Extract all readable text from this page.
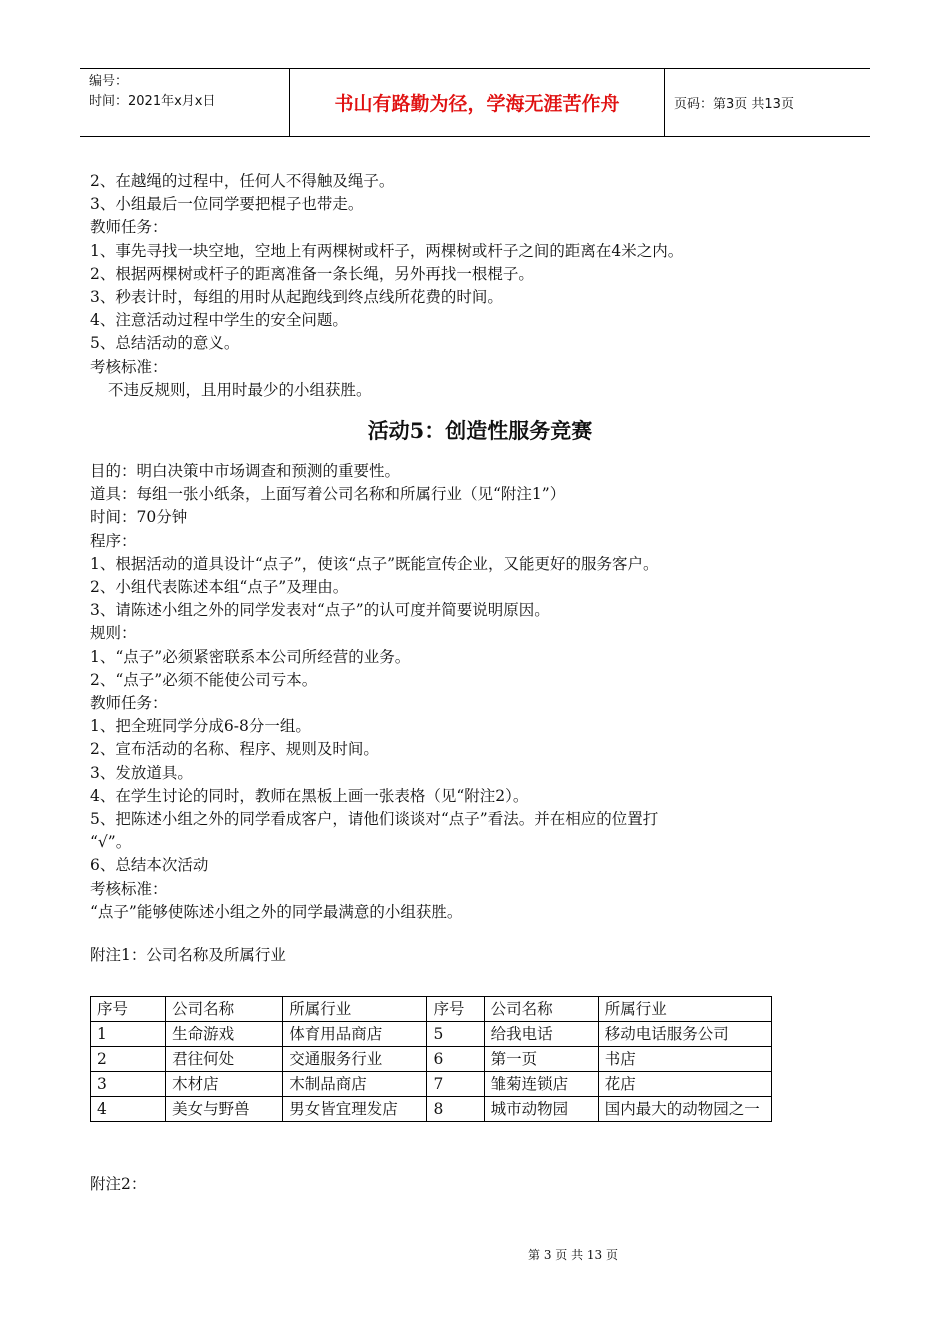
编号：
时间：2021年x月x日	书山有路勤为径，学海无涯苦作舟	页码：第3页 共13页
2、在越绳的过程中，任何人不得触及绳子。
3、小组最后一位同学要把棍子也带走。
教师任务：
1、事先寻找一块空地，空地上有两棵树或杆子，两棵树或杆子之间的距离在4米之内。
2、根据两棵树或杆子的距离准备一条长绳，另外再找一根棍子。
3、秒表计时，每组的用时从起跑线到终点线所花费的时间。
4、注意活动过程中学生的安全问题。
5、总结活动的意义。
考核标准：
不违反规则，且用时最少的小组获胜。
活动5：创造性服务竞赛
目的：明白决策中市场调查和预测的重要性。
道具：每组一张小纸条，上面写着公司名称和所属行业（见“附注1”）
时间：70分钟
程序：
1、根据活动的道具设计“点子”，使该“点子”既能宣传企业，又能更好的服务客户。
2、小组代表陈述本组“点子”及理由。
3、请陈述小组之外的同学发表对“点子”的认可度并简要说明原因。
规则：
1、“点子”必须紧密联系本公司所经营的业务。
2、“点子”必须不能使公司亏本。
教师任务：
1、把全班同学分成6-8分一组。
2、宣布活动的名称、程序、规则及时间。
3、发放道具。
4、在学生讨论的同时，教师在黑板上画一张表格（见“附注2）。
5、把陈述小组之外的同学看成客户，请他们谈谈对“点子”看法。并在相应的位置打
“√”。
6、总结本次活动
考核标准：
“点子”能够使陈述小组之外的同学最满意的小组获胜。
附注1：公司名称及所属行业
序号	公司名称	所属行业	序号	公司名称	所属行业
1	生命游戏	体育用品商店	5	给我电话	移动电话服务公司
2	君往何处	交通服务行业	6	第一页	书店
3	木材店	木制品商店	7	雏菊连锁店	花店
4	美女与野兽	男女皆宜理发店	8	城市动物园	国内最大的动物园之一
附注2：
第 3 页 共 13 页
